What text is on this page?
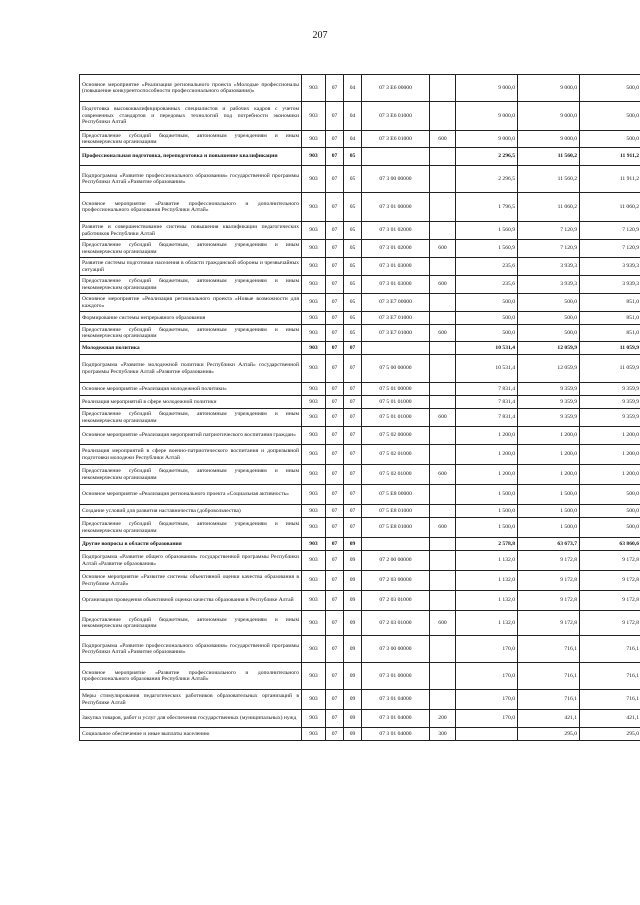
207
Основное мероприятие «Реализация регионального проекта «Молодые профессионалы (повышение конкурентоспособности профессионального образования)»	903	07	04	07 3 E6 00000		9 000,0	9 000,0	500,0
Подготовка высококвалифицированных специалистов и рабочих кадров с учетом современных стандартов и передовых технологий под потребности экономики Республики Алтай	903	07	04	07 3 E6 01000		9 000,0	9 000,0	500,0
Предоставление субсидий бюджетным, автономным учреждениям и иным некоммерческим организациям	903	07	04	07 3 E6 01000	600	9 000,0	9 000,0	500,0
Профессиональная подготовка, переподготовка и повышение квалификации	903	07	05			2 296,5	11 560,2	11 911,2
Подпрограмма «Развитие профессионального образования» государственной программы Республики Алтай «Развитие образования»	903	07	05	07 3 00 00000		2 296,5	11 560,2	11 911,2
Основное мероприятие «Развитие профессионального и дополнительного профессионального образования Республики Алтай»	903	07	05	07 3 01 00000		1 796,5	11 060,2	11 060,2
Развитие и совершенствование системы повышения квалификации педагогических работников Республики Алтай	903	07	05	07 3 01 02000		1 560,9	7 120,9	7 120,9
Предоставление субсидий бюджетным, автономным учреждениям и иным некоммерческим организациям	903	07	05	07 3 01 02000	600	1 560,9	7 120,9	7 120,9
Развитие системы подготовки населения в области гражданской обороны и чрезвычайных ситуаций	903	07	05	07 3 01 03000		235,6	3 939,3	3 939,3
Предоставление субсидий бюджетным, автономным учреждениям и иным некоммерческим организациям	903	07	05	07 3 01 03000	600	235,6	3 939,3	3 939,3
Основное мероприятие «Реализация регионального проекта «Новые возможности для каждого»	903	07	05	07 3 E7 00000		500,0	500,0	851,0
Формирование системы непрерывного образования	903	07	05	07 3 E7 01000		500,0	500,0	851,0
Предоставление субсидий бюджетным, автономным учреждениям и иным некоммерческим организациям	903	07	05	07 3 E7 01000	600	500,0	500,0	851,0
Молодежная политика	903	07	07			10 531,4	12 059,9	11 059,9
Подпрограмма «Развитие молодежной политики Республики Алтай» государственной программы Республики Алтай «Развитие образования»	903	07	07	07 5 00 00000		10 531,4	12 059,9	11 059,9
Основное мероприятие «Реализация молодежной политики»	903	07	07	07 5 01 00000		7 831,4	9 359,9	9 359,9
Реализация мероприятий в сфере молодежной политики	903	07	07	07 5 01 01000		7 831,4	9 359,9	9 359,9
Предоставление субсидий бюджетным, автономным учреждениям и иным некоммерческим организациям	903	07	07	07 5 01 01000	600	7 831,4	9 359,9	9 359,9
Основное мероприятие «Реализация мероприятий патриотического воспитания граждан»	903	07	07	07 5 02 00000		1 200,0	1 200,0	1 200,0
Реализация мероприятий в сфере военно-патриотического воспитания и допризывной подготовки молодежи Республики Алтай	903	07	07	07 5 02 01000		1 200,0	1 200,0	1 200,0
Предоставление субсидий бюджетным, автономным учреждениям и иным некоммерческим организациям	903	07	07	07 5 02 01000	600	1 200,0	1 200,0	1 200,0
Основное мероприятие «Реализация регионального проекта «Социальная активность»	903	07	07	07 5 E8 00000		1 500,0	1 500,0	500,0
Создание условий для развития наставничества (добровольчества)	903	07	07	07 5 E8 01000		1 500,0	1 500,0	500,0
Предоставление субсидий бюджетным, автономным учреждениям и иным некоммерческим организациям	903	07	07	07 5 E8 01000	600	1 500,0	1 500,0	500,0
Другие вопросы в области образования	903	07	09			2 578,8	63 673,7	63 860,6
Подпрограмма «Развитие общего образования» государственной программы Республики Алтай «Развитие образования»	903	07	09	07 2 00 00000		1 132,0	9 172,8	9 172,8
Основное мероприятие «Развитие системы объективной оценки качества образования в Республике Алтай»	903	07	09	07 2 03 00000		1 132,0	9 172,8	9 172,8
Организация проведения объективной оценки качества образования в Республике Алтай	903	07	09	07 2 03 01000		1 132,0	9 172,8	9 172,8
Предоставление субсидий бюджетным, автономным учреждениям и иным некоммерческим организациям	903	07	09	07 2 03 01000	600	1 132,0	9 172,8	9 172,8
Подпрограмма «Развитие профессионального образования» государственной программы Республики Алтай «Развитие образования»	903	07	09	07 3 00 00000		170,0	716,1	716,1
Основное мероприятие «Развитие профессионального и дополнительного профессионального образования Республики Алтай»	903	07	09	07 3 01 00000		170,0	716,1	716,1
Меры стимулирования педагогических работников образовательных организаций в Республике Алтай	903	07	09	07 3 01 04000		170,0	716,1	716,1
Закупка товаров, работ и услуг для обеспечения государственных (муниципальных) нужд	903	07	09	07 3 01 04000	200	170,0	421,1	421,1
Социальное обеспечение и иные выплаты населению	903	07	09	07 3 01 04000	300		295,0	295,0
